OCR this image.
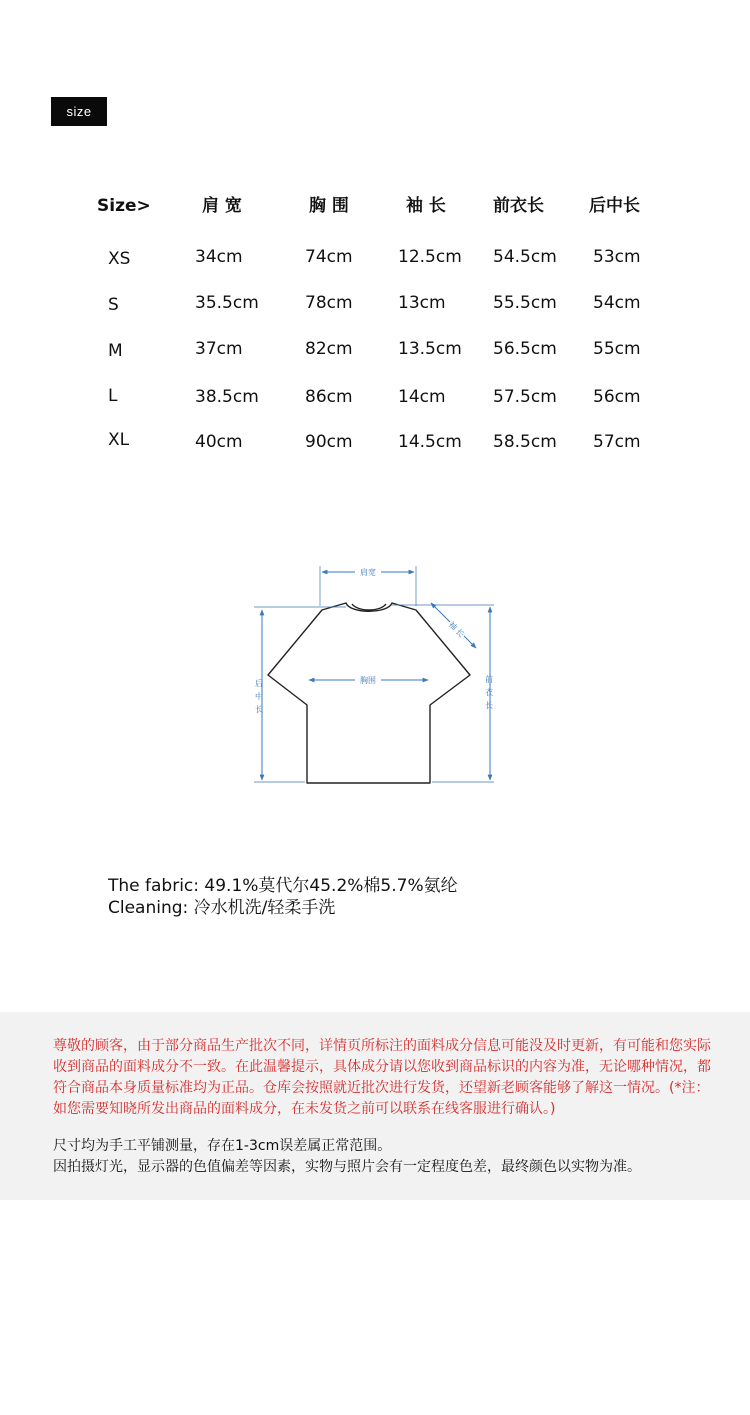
size
Size>	肩 宽	胸 围	袖 长	前衣长	后中长
XS	34cm	74cm	12.5cm 54.5cm 53cm
S	35.5cm	78cm	13cm	55.5cm 54cm
M	37cm	82cm	13.5cm 56.5cm 55cm
L	38.5cm	86cm	14cm	57.5cm 56cm
XL	40cm	90cm	14.5cm 58.5cm 57cm
肩宽
胸围
袖
长
后
中
长
前
衣
长
The fabric: 49.1%莫代尔45.2%棉5.7%氨纶
Cleaning: 冷水机洗/轻柔手洗

尊敬的顾客，由于部分商品生产批次不同，详情页所标注的面料成分信息可能没及时更新，有可能和您实际收到商品的面料成分不一致。在此温馨提示，具体成分请以您收到商品标识的内容为准，无论哪种情况，都符合商品本身质量标准均为正品。仓库会按照就近批次进行发货，还望新老顾客能够了解这一情况。(*注：如您需要知晓所发出商品的面料成分，在未发货之前可以联系在线客服进行确认。)

尺寸均为手工平铺测量，存在1-3cm误差属正常范围。
因拍摄灯光，显示器的色值偏差等因素，实物与照片会有一定程度色差，最终颜色以实物为准。
